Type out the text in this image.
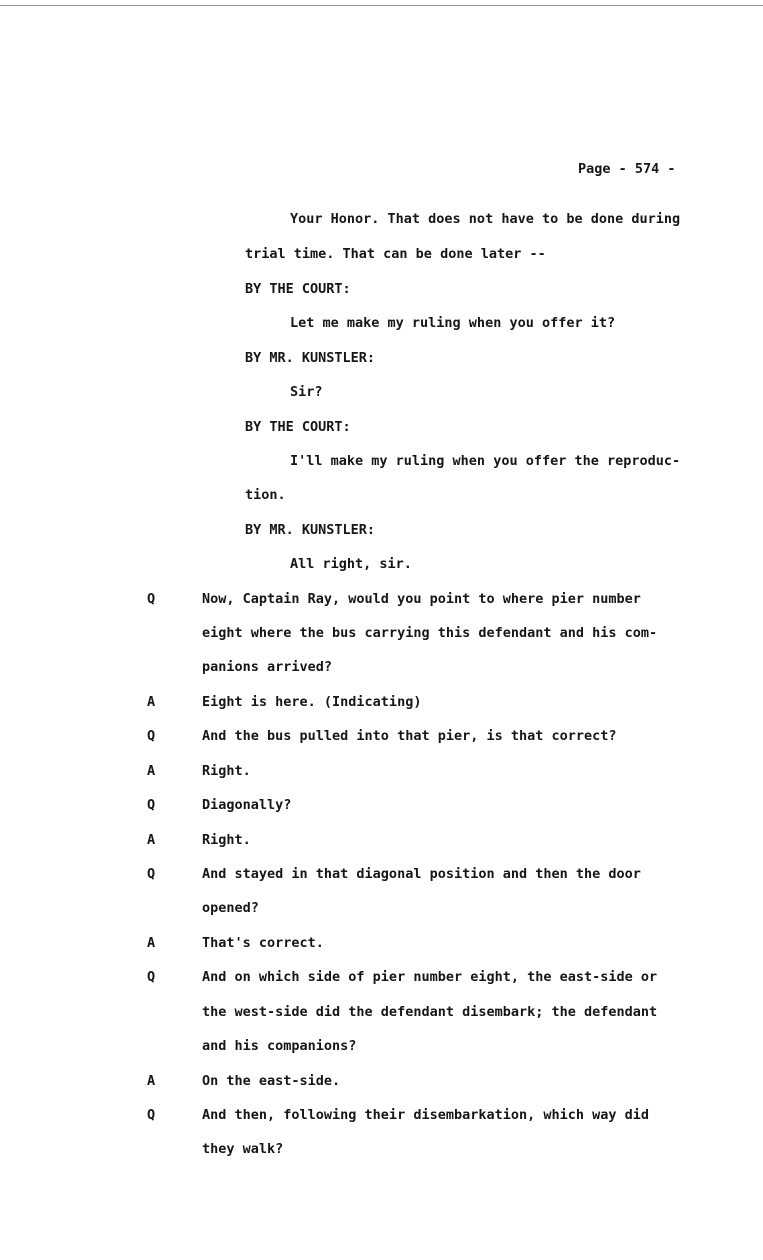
Page - 574 -
Your Honor. That does not have to be done during
trial time. That can be done later --
BY THE COURT:
Let me make my ruling when you offer it?
BY MR. KUNSTLER:
Sir?
BY THE COURT:
I'll make my ruling when you offer the reproduc-
tion.
BY MR. KUNSTLER:
All right, sir.
Q	Now, Captain Ray, would you point to where pier number
eight where the bus carrying this defendant and his com-
panions arrived?
A	Eight is here. (Indicating)
Q	And the bus pulled into that pier, is that correct?
A	Right.
Q	Diagonally?
A	Right.
Q	And stayed in that diagonal position and then the door
opened?
A	That's correct.
Q	And on which side of pier number eight, the east-side or
the west-side did the defendant disembark; the defendant
and his companions?
A	On the east-side.
Q	And then, following their disembarkation, which way did
they walk?
